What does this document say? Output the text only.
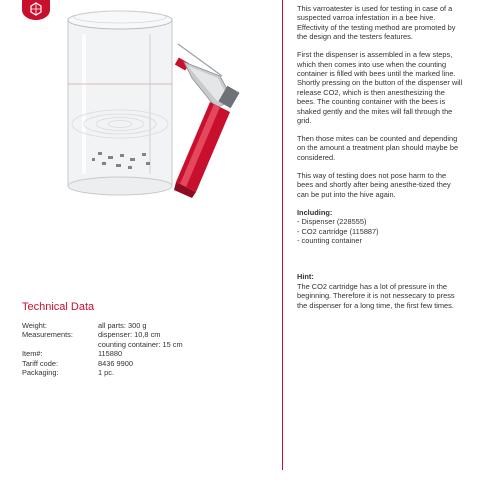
This varroatester is used for testing in case of a suspected varroa infestation in a bee hive. Effectivity of the testing method are promoted by the design and the testers features.

First the dispenser is assembled in a few steps, which then comes into use when the counting container is filled with bees until the marked line. Shortly pressing on the button of the dispenser will release CO2, which is then anesthesizing the bees. The counting container with the bees is shaked gently and the mites will fall through the grid.

Then those mites can be counted and depending on the amount a treatment plan should maybe be considered.

This way of testing does not pose harm to the bees and shortly after being anesthe-tized they can be put into the hive again.

Including:
- Dispenser (228555)
- CO2 cartridge (115887)
- counting container
Hint:

The CO2 cartridge has a lot of pressure in the beginning. Therefore it is not nessecary to press the dispenser for a long time, the first few times.

Technical Data
Weight:	all parts: 300 g
Measurements:	dispenser: 10,8 cm
counting container: 15 cm
Item#:	115880
Tariff code:	8436 9900
Packaging:	1 pc.
